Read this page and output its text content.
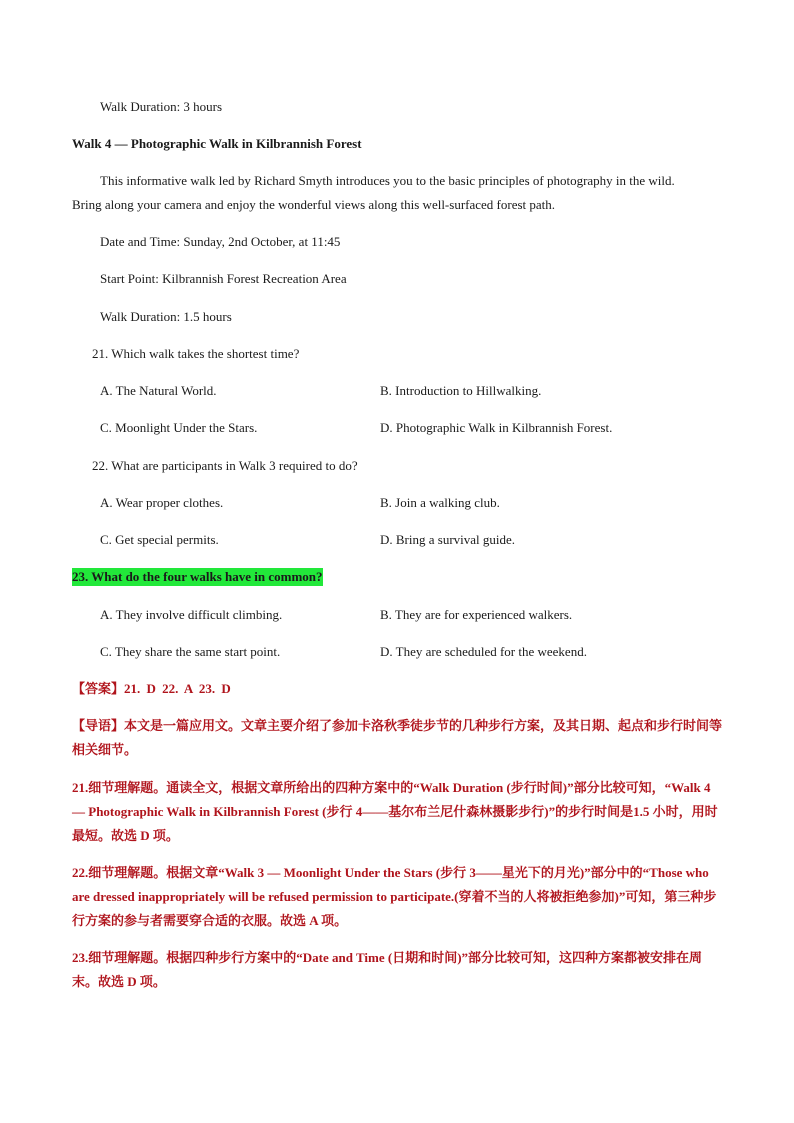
Walk Duration: 3 hours
Walk 4 — Photographic Walk in Kilbrannish Forest
This informative walk led by Richard Smyth introduces you to the basic principles of photography in the wild.
Bring along your camera and enjoy the wonderful views along this well-surfaced forest path.
Date and Time: Sunday, 2nd October, at 11:45
Start Point: Kilbrannish Forest Recreation Area
Walk Duration: 1.5 hours
21. Which walk takes the shortest time?
A. The Natural World.	B. Introduction to Hillwalking.
C. Moonlight Under the Stars.	D. Photographic Walk in Kilbrannish Forest.
22. What are participants in Walk 3 required to do?
A. Wear proper clothes.	B. Join a walking club.
C. Get special permits.	D. Bring a survival guide.
23. What do the four walks have in common?
A. They involve difficult climbing.	B. They are for experienced walkers.
C. They share the same start point.	D. They are scheduled for the weekend.
【答案】21. D 22. A 23. D
【导语】本文是一篇应用文。文章主要介绍了参加卡洛秋季徒步节的几种步行方案，及其日期、起点和步行时间等相关细节。
21.细节理解题。通读全文，根据文章所给出的四种方案中的“Walk Duration (步行时间)”部分比较可知，“Walk 4 — Photographic Walk in Kilbrannish Forest (步行 4——基尔布兰尼什森林摄影步行)”的步行时间是1.5 小时，用时最短。故选 D 项。
22.细节理解题。根据文章“Walk 3 — Moonlight Under the Stars (步行 3——星光下的月光)”部分中的“Those who are dressed inappropriately will be refused permission to participate.(穿着不当的人将被拒绝参加)”可知，第三种步行方案的参与者需要穿合适的衣服。故选 A 项。
23.细节理解题。根据四种步行方案中的“Date and Time (日期和时间)”部分比较可知，这四种方案都被安排在周末。故选 D 项。
